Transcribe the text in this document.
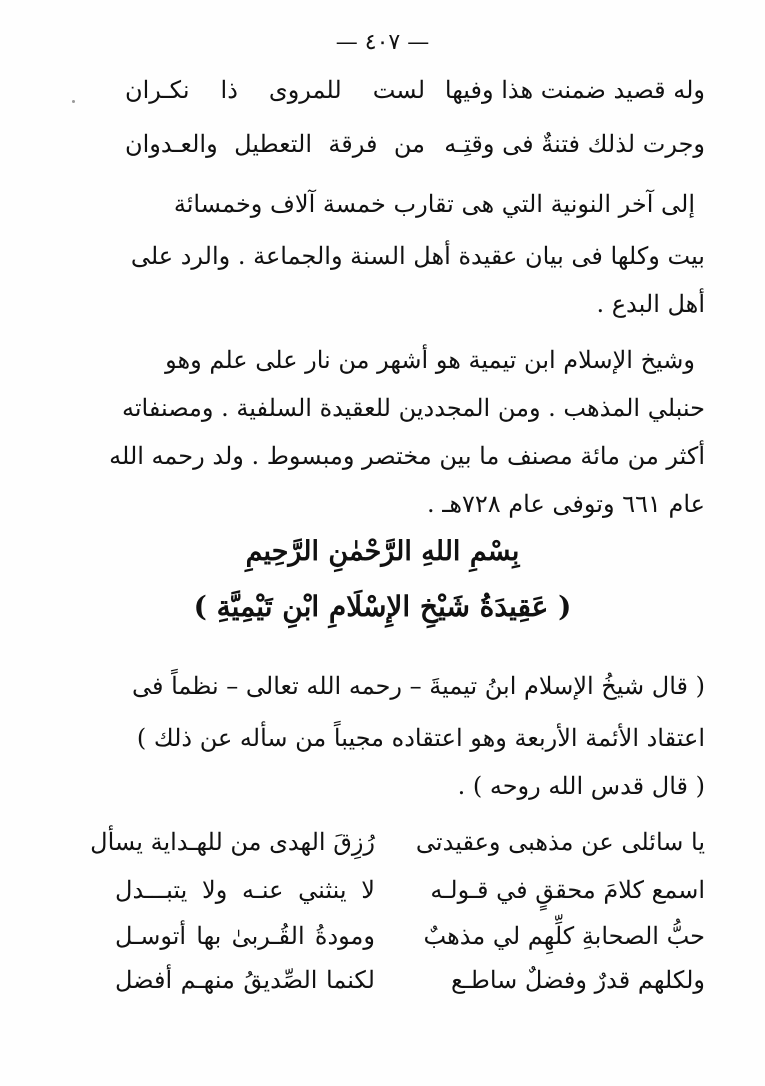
— ٤٠٧ —
وله قصيد ضمنت هذا وفيها
لست للمروى ذا نكـران
وجرت لذلك فتنةٌ فى وقتِـه
من فرقة التعطيل والعـدوان
إلى آخر النونية التي هى تقارب خمسة آلاف وخمسائة
بيت وكلها فى بيان عقيدة أهل السنة والجماعة . والرد على
أهل البدع .
وشيخ الإسلام ابن تيمية هو أشهر من نار على علم وهو
حنبلي المذهب . ومن المجددين للعقيدة السلفية . ومصنفاته
أكثر من مائة مصنف ما بين مختصر ومبسوط . ولد رحمه الله
عام ٦٦١ وتوفى عام ٧٢٨هـ .
بِسْمِ اللهِ الرَّحْمٰنِ الرَّحِيمِ
( عَقِيدَةُ شَيْخِ الإِسْلَامِ ابْنِ تَيْمِيَّةِ )
( قال شيخُ الإسلام ابنُ تيميةَ – رحمه الله تعالى – نظماً فى
اعتقاد الأئمة الأربعة وهو اعتقاده مجيباً من سأله عن ذلك )
( قال قدس الله روحه ) .
يا سائلى عن مذهبى وعقيدتى
رُزِقَ الهدى من للهـداية يسأل
اسمع كلامَ محققٍ في قـولـه
لا ينثني عنـه ولا يتبـــدل
حبُّ الصحابةِ كلِّهِم لي مذهبٌ
ومودةُ القُـربىٰ بها أتوسـل
ولكلهم قدرٌ وفضلٌ ساطـع
لكنما الصِّديقُ منهـم أفضل
